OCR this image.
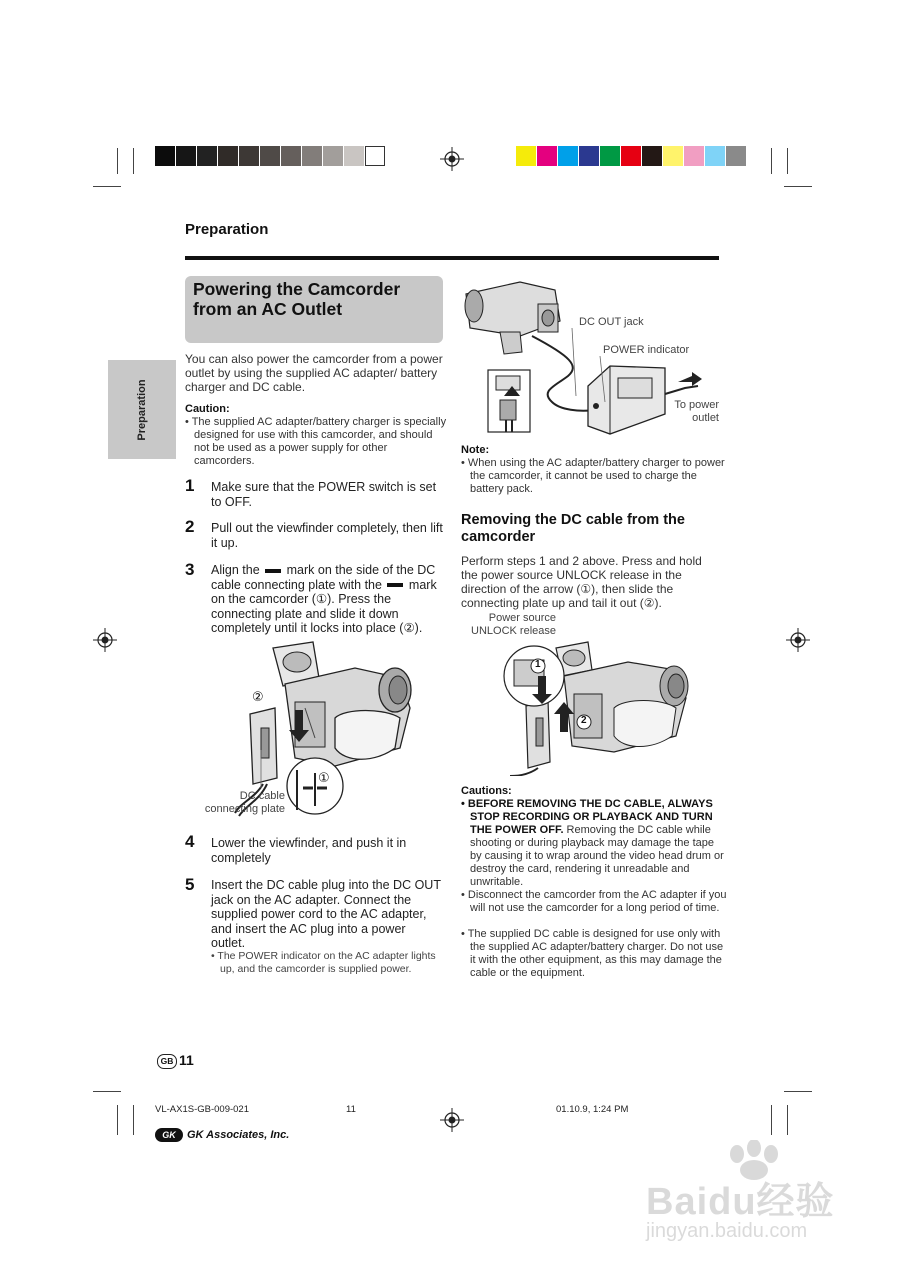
Preparation
Preparation
Powering the Camcorder from an AC Outlet
You can also power the camcorder from a power outlet by using the supplied AC adapter/ battery charger and DC cable.
Caution:
• The supplied AC adapter/battery charger is specially designed for use with this camcorder, and should not be used as a power supply for other camcorders.
1 Make sure that the POWER switch is set to OFF.
2 Pull out the viewfinder completely, then lift it up.
3 Align the mark on the side of the DC cable connecting plate with the mark on the camcorder (①). Press the connecting plate and slide it down completely until it locks into place (②).
②
①
DC cable connecting plate
4 Lower the viewfinder, and push it in completely
5 Insert the DC cable plug into the DC OUT jack on the AC adapter. Connect the supplied power cord to the AC adapter, and insert the AC plug into a power outlet.
• The POWER indicator on the AC adapter lights up, and the camcorder is supplied power.
DC OUT jack
POWER indicator
To power outlet
Note:
• When using the AC adapter/battery charger to power the camcorder, it cannot be used to charge the battery pack.
Removing the DC cable from the camcorder
Perform steps 1 and 2 above. Press and hold the power source UNLOCK release in the direction of the arrow (①), then slide the connecting plate up and tail it out (②).
Power source UNLOCK release
1
2
Cautions:
• BEFORE REMOVING THE DC CABLE, ALWAYS STOP RECORDING OR PLAYBACK AND TURN THE POWER OFF. Removing the DC cable while shooting or during playback may damage the tape by causing it to wrap around the video head drum or destroy the card, rendering it unreadable and unwritable.
• Disconnect the camcorder from the AC adapter if you will not use the camcorder for a long period of time.
• The supplied DC cable is designed for use only with the supplied AC adapter/battery charger. Do not use it with the other equipment, as this may damage the cable or the equipment.
GB 11
VL-AX1S-GB-009-021	11	01.10.9, 1:24 PM
GK	GK Associates, Inc.
Baidu经验
jingyan.baidu.com
